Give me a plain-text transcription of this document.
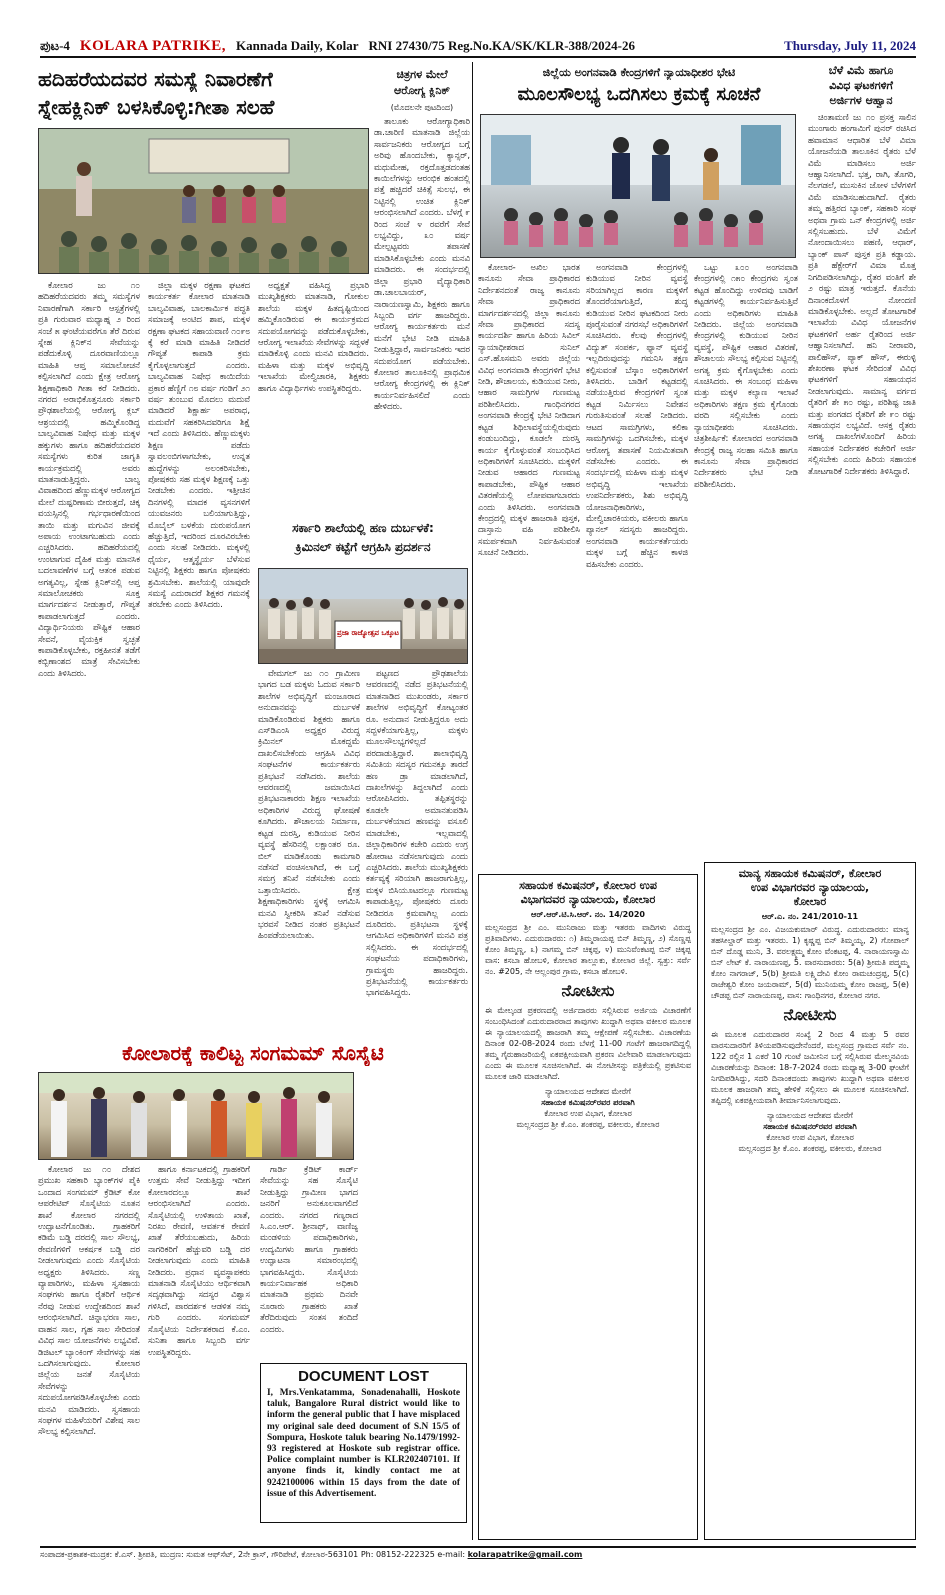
ಪುಟ-4 KOLARA PATRIKE, Kannada Daily, Kolar RNI 27430/75 Reg.No.KA/SK/KLR-388/2024-26	Thursday, July 11, 2024
ಹದಿಹರೆಯದವರ ಸಮಸ್ಯೆ ನಿವಾರಣೆಗೆ
ಸ್ನೇಹಕ್ಲಿನಿಕ್ ಬಳಸಿಕೊಳ್ಳಿ:ಗೀತಾ ಸಲಹೆ

ಕೋಲಾರ ಜು ೧೦ ಹದಿಹರೆಯದವರು ತಮ್ಮ ಸಮಸ್ಯೆಗಳ ನಿವಾರಣೆಗಾಗಿ ಸರ್ಕಾರಿ ಆಸ್ಪತ್ರೆಗಳಲ್ಲಿ ಪ್ರತಿ ಗುರುವಾರ ಮಧ್ಯಾಹ್ನ ೨ ರಿಂದ ಸಂಜೆ ೫ ಘಂಟೆಯವರೆಗೂ ತೆರೆ ದಿರುವ ಸ್ನೇಹ ಕ್ಲಿನಿಕ್‌ನ ಸೇವೆಯನ್ನು ಪಡೆದುಕೊಳ್ಳಿ ದೂರವಾಣಿಯಲ್ಲೂ ಮಾಹಿತಿ ಆಪ್ತ ಸಮಾಲೋಚನೆ ಕಲ್ಪಿಸಲಾಗಿದೆ ಎಂದು ಕ್ಷೇತ್ರ ಆರೋಗ್ಯ ಶಿಕ್ಷಣಾಧಿಕಾರಿ ಗೀತಾ ಕರೆ ನೀಡಿದರು. ನಗರದ ಅರಾಭಿಕೊತ್ತನೂರು ಸರ್ಕಾರಿ ಪ್ರೌಢಶಾಲೆಯಲ್ಲಿ ಆರೋಗ್ಯ ಕ್ಲಬ್ ಆಶ್ರಯದಲ್ಲಿ ಹಮ್ಮಿಕೊಂಡಿದ್ದ ಬಾಲ್ಯವಿವಾಹ ನಿಷೇಧ ಮತ್ತು ಮಕ್ಕಳ ಹಕ್ಕುಗಳು ಹಾಗೂ ಹದಿಹರೆಯದವರ ಸಮಸ್ಯೆಗಳು ಕುರಿತ ಜಾಗೃತಿ ಕಾರ್ಯಕ್ರಮದಲ್ಲಿ ಅವರು ಮಾತನಾಡುತ್ತಿದ್ದರು. ಬಾಲ್ಯ ವಿವಾಹದಿಂದ ಹೆಣ್ಣುಮಕ್ಕಳ ಆರೋಗ್ಯದ ಮೇಲೆ ದುಷ್ಪರಿಣಾಮ ಬೀರುತ್ತದೆ, ಚಿಕ್ಕ ವಯಸ್ಸಿನಲ್ಲಿ ಗರ್ಭಧಾರಣೆಯಿಂದ ತಾಯಿ ಮತ್ತು ಮಗುವಿನ ಜೀವಕ್ಕೆ ಅಪಾಯ ಉಂಟಾಗಬಹುದು ಎಂದು ಎಚ್ಚರಿಸಿದರು. ಹದಿಹರೆಯದಲ್ಲಿ ಉಂಟಾಗುವ ದೈಹಿಕ ಮತ್ತು ಮಾನಸಿಕ ಬದಲಾವಣೆಗಳ ಬಗ್ಗೆ ಆತಂಕ ಪಡುವ ಅಗತ್ಯವಿಲ್ಲ, ಸ್ನೇಹ ಕ್ಲಿನಿಕ್‌ನಲ್ಲಿ ಆಪ್ತ ಸಮಾಲೋಚಕರು ಸೂಕ್ತ ಮಾರ್ಗದರ್ಶನ ನೀಡುತ್ತಾರೆ, ಗೌಪ್ಯತೆ ಕಾಪಾಡಲಾಗುತ್ತದೆ ಎಂದರು. ವಿದ್ಯಾರ್ಥಿನಿಯರು ಪೌಷ್ಟಿಕ ಆಹಾರ ಸೇವನೆ, ವೈಯಕ್ತಿಕ ಸ್ವಚ್ಛತೆ ಕಾಪಾಡಿಕೊಳ್ಳಬೇಕು, ರಕ್ತಹೀನತೆ ತಡೆಗೆ ಕಬ್ಬಿಣಾಂಶದ ಮಾತ್ರೆ ಸೇವಿಸಬೇಕು ಎಂದು ತಿಳಿಸಿದರು.

ಜಿಲ್ಲಾ ಮಕ್ಕಳ ರಕ್ಷಣಾ ಘಟಕದ ಕಾರ್ಯಕರ್ತ ಕೋಲಾರ ಮಾತನಾಡಿ ಬಾಲ್ಯವಿವಾಹ, ಬಾಲಕಾರ್ಮಿಕ ಪದ್ಧತಿ ಸಮಾಜಕ್ಕೆ ಅಂಟಿದ ಶಾಪ, ಮಕ್ಕಳ ರಕ್ಷಣಾ ಘಟಕದ ಸಹಾಯವಾಣಿ ೧೦೯೮ ಕ್ಕೆ ಕರೆ ಮಾಡಿ ಮಾಹಿತಿ ನೀಡಿದರೆ ಗೌಪ್ಯತೆ ಕಾಪಾಡಿ ಕ್ರಮ ಕೈಗೊಳ್ಳಲಾಗುತ್ತದೆ ಎಂದರು. ಬಾಲ್ಯವಿವಾಹ ನಿಷೇಧ ಕಾಯಿದೆಯ ಪ್ರಕಾರ ಹೆಣ್ಣಿಗೆ ೧೮ ವರ್ಷ ಗಂಡಿಗೆ ೨೧ ವರ್ಷ ತುಂಬುವ ಮೊದಲು ಮದುವೆ ಮಾಡಿದರೆ ಶಿಕ್ಷಾರ್ಹ ಅಪರಾಧ, ಮದುವೆಗೆ ಸಹಕರಿಸಿದವರಿಗೂ ಶಿಕ್ಷೆ ಇದೆ ಎಂದು ತಿಳಿಸಿದರು. ಹೆಣ್ಣುಮಕ್ಕಳು ಶಿಕ್ಷಣ ಪಡೆದು ಸ್ವಾವಲಂಬಿಗಳಾಗಬೇಕು, ಉನ್ನತ ಹುದ್ದೆಗಳನ್ನು ಅಲಂಕರಿಸಬೇಕು, ಪೋಷಕರು ಸಹ ಮಕ್ಕಳ ಶಿಕ್ಷಣಕ್ಕೆ ಒತ್ತು ನೀಡಬೇಕು ಎಂದರು. ಇತ್ತೀಚಿನ ದಿನಗಳಲ್ಲಿ ಮಾದಕ ವ್ಯಸನಗಳಿಗೆ ಯುವಜನರು ಬಲಿಯಾಗುತ್ತಿದ್ದು, ಮೊಬೈಲ್ ಬಳಕೆಯ ದುರುಪಯೋಗ ಹೆಚ್ಚುತ್ತಿದೆ, ಇದರಿಂದ ದೂರವಿರಬೇಕು ಎಂದು ಸಲಹೆ ನೀಡಿದರು. ಮಕ್ಕಳಲ್ಲಿ ಧೈರ್ಯ, ಆತ್ಮಸ್ಥೈರ್ಯ ಬೆಳೆಸುವ ನಿಟ್ಟಿನಲ್ಲಿ ಶಿಕ್ಷಕರು ಹಾಗೂ ಪೋಷಕರು ಶ್ರಮಿಸಬೇಕು. ಶಾಲೆಯಲ್ಲಿ ಯಾವುದೇ ಸಮಸ್ಯೆ ಎದುರಾದರೆ ಶಿಕ್ಷಕರ ಗಮನಕ್ಕೆ ತರಬೇಕು ಎಂದು ತಿಳಿಸಿದರು.

ಅಧ್ಯಕ್ಷತೆ ವಹಿಸಿದ್ದ ಪ್ರಭಾರಿ ಮುಖ್ಯಶಿಕ್ಷಕರು ಮಾತನಾಡಿ, ಗೋಕುಲ ಶಾಲೆಯ ಮಕ್ಕಳ ಹಿತದೃಷ್ಟಿಯಿಂದ ಹಮ್ಮಿಕೊಂಡಿರುವ ಈ ಕಾರ್ಯಕ್ರಮದ ಸದುಪಯೋಗವನ್ನು ಪಡೆದುಕೊಳ್ಳಬೇಕು, ಆರೋಗ್ಯ ಇಲಾಖೆಯ ಸೇವೆಗಳನ್ನು ಸದ್ಬಳಕೆ ಮಾಡಿಕೊಳ್ಳಿ ಎಂದು ಮನವಿ ಮಾಡಿದರು. ಮಹಿಳಾ ಮತ್ತು ಮಕ್ಕಳ ಅಭಿವೃದ್ಧಿ ಇಲಾಖೆಯ ಮೇಲ್ವಿಚಾರಕಿ, ಶಿಕ್ಷಕರು ಹಾಗೂ ವಿದ್ಯಾರ್ಥಿಗಳು ಉಪಸ್ಥಿತರಿದ್ದರು.

ಸರ್ಕಾರಿ ಶಾಲೆಯಲ್ಲಿ ಹಣ ದುರ್ಬಳಕೆ:
ಕ್ರಿಮಿನಲ್ ಕಟ್ಟೆಗೆ ಆಗ್ರಹಿಸಿ ಪ್ರದರ್ಶನ
ಪ್ರಜಾ ರಾಜ್ಯೋತ್ಸವ ಒಕ್ಕೂಟ

ವೇಮಗಲ್ ಜು ೧೦ ಗ್ರಾಮೀಣ ಭಾಗದ ಬಡ ಮಕ್ಕಳು ಓದುವ ಸರ್ಕಾರಿ ಶಾಲೆಗಳ ಅಭಿವೃದ್ಧಿಗೆ ಮಂಜೂರಾದ ಅನುದಾನವನ್ನು ದುರ್ಬಳಕೆ ಮಾಡಿಕೊಂಡಿರುವ ಶಿಕ್ಷಕರು ಹಾಗೂ ಎಸ್‌ಡಿಎಂಸಿ ಅಧ್ಯಕ್ಷರ ವಿರುದ್ಧ ಕ್ರಿಮಿನಲ್ ಮೊಕದ್ದಮೆ ದಾಖಲಿಸಬೇಕೆಂದು ಆಗ್ರಹಿಸಿ ವಿವಿಧ ಸಂಘಟನೆಗಳ ಕಾರ್ಯಕರ್ತರು ಪ್ರತಿಭಟನೆ ನಡೆಸಿದರು. ಶಾಲೆಯ ಆವರಣದಲ್ಲಿ ಜಮಾಯಿಸಿದ ಪ್ರತಿಭಟನಾಕಾರರು ಶಿಕ್ಷಣ ಇಲಾಖೆಯ ಅಧಿಕಾರಿಗಳ ವಿರುದ್ಧ ಘೋಷಣೆ ಕೂಗಿದರು. ಶೌಚಾಲಯ ನಿರ್ಮಾಣ, ಕಟ್ಟಡ ದುರಸ್ತಿ, ಕುಡಿಯುವ ನೀರಿನ ವ್ಯವಸ್ಥೆ ಹೆಸರಿನಲ್ಲಿ ಲಕ್ಷಾಂತರ ರೂ. ಬಿಲ್ ಮಾಡಿಕೊಂಡು ಕಾಮಗಾರಿ ನಡೆಸದೆ ವಂಚಿಸಲಾಗಿದೆ, ಈ ಬಗ್ಗೆ ಸಮಗ್ರ ತನಿಖೆ ನಡೆಸಬೇಕು ಎಂದು ಒತ್ತಾಯಿಸಿದರು. ಕ್ಷೇತ್ರ ಶಿಕ್ಷಣಾಧಿಕಾರಿಗಳು ಸ್ಥಳಕ್ಕೆ ಆಗಮಿಸಿ ಮನವಿ ಸ್ವೀಕರಿಸಿ ತನಿಖೆ ನಡೆಸುವ ಭರವಸೆ ನೀಡಿದ ನಂತರ ಪ್ರತಿಭಟನೆ ಹಿಂಪಡೆಯಲಾಯಿತು.

ಪಟ್ಟಣದ ಪ್ರೌಢಶಾಲೆಯ ಆವರಣದಲ್ಲಿ ನಡೆದ ಪ್ರತಿಭಟನೆಯಲ್ಲಿ ಮಾತನಾಡಿದ ಮುಖಂಡರು, ಸರ್ಕಾರ ಶಾಲೆಗಳ ಅಭಿವೃದ್ಧಿಗೆ ಕೋಟ್ಯಂತರ ರೂ. ಅನುದಾನ ನೀಡುತ್ತಿದ್ದರೂ ಅದು ಸದ್ಬಳಕೆಯಾಗುತ್ತಿಲ್ಲ, ಮಕ್ಕಳು ಮೂಲಸೌಲಭ್ಯಗಳಿಲ್ಲದೆ ಪರದಾಡುತ್ತಿದ್ದಾರೆ. ಶಾಲಾಭಿವೃದ್ಧಿ ಸಮಿತಿಯ ಸದಸ್ಯರ ಗಮನಕ್ಕೂ ತಾರದೆ ಹಣ ಡ್ರಾ ಮಾಡಲಾಗಿದೆ, ದಾಖಲೆಗಳನ್ನು ತಿದ್ದಲಾಗಿದೆ ಎಂದು ಆರೋಪಿಸಿದರು. ತಪ್ಪಿತಸ್ಥರನ್ನು ಕೂಡಲೇ ಅಮಾನತುಪಡಿಸಿ ದುರ್ಬಳಕೆಯಾದ ಹಣವನ್ನು ವಸೂಲಿ ಮಾಡಬೇಕು, ಇಲ್ಲವಾದಲ್ಲಿ ಜಿಲ್ಲಾಧಿಕಾರಿಗಳ ಕಚೇರಿ ಎದುರು ಉಗ್ರ ಹೋರಾಟ ನಡೆಸಲಾಗುವುದು ಎಂದು ಎಚ್ಚರಿಸಿದರು. ಶಾಲೆಯ ಮುಖ್ಯಶಿಕ್ಷಕರು ಕರ್ತವ್ಯಕ್ಕೆ ಸರಿಯಾಗಿ ಹಾಜರಾಗುತ್ತಿಲ್ಲ, ಮಕ್ಕಳ ಬಿಸಿಯೂಟದಲ್ಲೂ ಗುಣಮಟ್ಟ ಕಾಪಾಡುತ್ತಿಲ್ಲ, ಪೋಷಕರು ದೂರು ನೀಡಿದರೂ ಕ್ರಮವಾಗಿಲ್ಲ ಎಂದು ದೂರಿದರು. ಪ್ರತಿಭಟನಾ ಸ್ಥಳಕ್ಕೆ ಆಗಮಿಸಿದ ಅಧಿಕಾರಿಗಳಿಗೆ ಮನವಿ ಪತ್ರ ಸಲ್ಲಿಸಿದರು. ಈ ಸಂದರ್ಭದಲ್ಲಿ ಸಂಘಟನೆಯ ಪದಾಧಿಕಾರಿಗಳು, ಗ್ರಾಮಸ್ಥರು ಹಾಜರಿದ್ದರು. ಪ್ರತಿಭಟನೆಯಲ್ಲಿ ಕಾರ್ಯಕರ್ತರು ಭಾಗವಹಿಸಿದ್ದರು.

ಚಿತ್ರಗಳ ಮೇಲೆ
ಆರೋಗ್ಯ ಕ್ಲಿನಿಕ್
(ಮೊದಲನೇ ಪುಟದಿಂದ)

ತಾಲೂಕು ಆರೋಗ್ಯಾಧಿಕಾರಿ ಡಾ.ಚಾರಿಣಿ ಮಾತನಾಡಿ ಜಿಲ್ಲೆಯ ಸಾರ್ವಜನಿಕರು ಆರೋಗ್ಯದ ಬಗ್ಗೆ ಅರಿವು ಹೊಂದಬೇಕು, ಕ್ಯಾನ್ಸರ್, ಮಧುಮೇಹ, ರಕ್ತದೊತ್ತಡದಂತಹ ಕಾಯಿಲೆಗಳನ್ನು ಆರಂಭಿಕ ಹಂತದಲ್ಲಿ ಪತ್ತೆ ಹಚ್ಚಿದರೆ ಚಿಕಿತ್ಸೆ ಸುಲಭ, ಈ ನಿಟ್ಟಿನಲ್ಲಿ ಉಚಿತ ಕ್ಲಿನಿಕ್ ಆರಂಭಿಸಲಾಗಿದೆ ಎಂದರು. ಬೆಳಗ್ಗೆ ೯ ರಿಂದ ಸಂಜೆ ೪ ರವರೆಗೆ ಸೇವೆ ಲಭ್ಯವಿದ್ದು, ೩೦ ವರ್ಷ ಮೇಲ್ಪಟ್ಟವರು ತಪಾಸಣೆ ಮಾಡಿಸಿಕೊಳ್ಳಬೇಕು ಎಂದು ಮನವಿ ಮಾಡಿದರು. ಈ ಸಂದರ್ಭದಲ್ಲಿ ಜಿಲ್ಲಾ ಪ್ರಭಾರಿ ವೈದ್ಯಾಧಿಕಾರಿ ಡಾ.ಚಾಲಬಾಯರ್, ನಾರಾಯಣಸ್ವಾಮಿ, ಶಿಕ್ಷಕರು ಹಾಗೂ ಸಿಬ್ಬಂದಿ ವರ್ಗ ಹಾಜರಿದ್ದರು. ಆರೋಗ್ಯ ಕಾರ್ಯಕರ್ತರು ಮನೆ ಮನೆಗೆ ಭೇಟಿ ನೀಡಿ ಮಾಹಿತಿ ನೀಡುತ್ತಿದ್ದಾರೆ, ಸಾರ್ವಜನಿಕರು ಇದರ ಸದುಪಯೋಗ ಪಡೆಯಬೇಕು. ಕೋಲಾರ ತಾಲೂಕಿನಲ್ಲಿ ಪ್ರಾಥಮಿಕ ಆರೋಗ್ಯ ಕೇಂದ್ರಗಳಲ್ಲಿ ಈ ಕ್ಲಿನಿಕ್ ಕಾರ್ಯನಿರ್ವಹಿಸಲಿದೆ ಎಂದು ಹೇಳಿದರು.

ಜಿಲ್ಲೆಯ ಅಂಗನವಾಡಿ ಕೇಂದ್ರಗಳಿಗೆ ನ್ಯಾಯಾಧೀಶರ ಭೇಟಿ
ಮೂಲಸೌಲಭ್ಯ ಒದಗಿಸಲು ಕ್ರಮಕ್ಕೆ ಸೂಚನೆ

ಕೋಲಾರ- ಅಖಿಲ ಭಾರತ ಕಾನೂನು ಸೇವಾ ಪ್ರಾಧಿಕಾರದ ನಿರ್ದೇಶನದಂತೆ ರಾಜ್ಯ ಕಾನೂನು ಸೇವಾ ಪ್ರಾಧಿಕಾರದ ಮಾರ್ಗದರ್ಶನದಲ್ಲಿ ಜಿಲ್ಲಾ ಕಾನೂನು ಸೇವಾ ಪ್ರಾಧಿಕಾರದ ಸದಸ್ಯ ಕಾರ್ಯದರ್ಶಿ ಹಾಗೂ ಹಿರಿಯ ಸಿವಿಲ್ ನ್ಯಾಯಾಧೀಶರಾದ ಸುನಿಲ್ ಎಸ್.ಹೊಸಮನಿ ಅವರು ಜಿಲ್ಲೆಯ ವಿವಿಧ ಅಂಗನವಾಡಿ ಕೇಂದ್ರಗಳಿಗೆ ಭೇಟಿ ನೀಡಿ, ಶೌಚಾಲಯ, ಕುಡಿಯುವ ನೀರು, ಆಹಾರ ಸಾಮಗ್ರಿಗಳ ಗುಣಮಟ್ಟ ಪರಿಶೀಲಿಸಿದರು. ಗಾಂಧಿನಗರದ ಅಂಗನವಾಡಿ ಕೇಂದ್ರಕ್ಕೆ ಭೇಟಿ ನೀಡಿದಾಗ ಕಟ್ಟಡ ಶಿಥಿಲಾವಸ್ಥೆಯಲ್ಲಿರುವುದು ಕಂಡುಬಂದಿದ್ದು, ಕೂಡಲೇ ದುರಸ್ತಿ ಕಾರ್ಯ ಕೈಗೊಳ್ಳುವಂತೆ ಸಂಬಂಧಿಸಿದ ಅಧಿಕಾರಿಗಳಿಗೆ ಸೂಚಿಸಿದರು. ಮಕ್ಕಳಿಗೆ ನೀಡುವ ಆಹಾರದ ಗುಣಮಟ್ಟ ಕಾಪಾಡಬೇಕು, ಪೌಷ್ಟಿಕ ಆಹಾರ ವಿತರಣೆಯಲ್ಲಿ ಲೋಪವಾಗಬಾರದು ಎಂದು ತಿಳಿಸಿದರು. ಅಂಗನವಾಡಿ ಕೇಂದ್ರದಲ್ಲಿ ಮಕ್ಕಳ ಹಾಜರಾತಿ ಪುಸ್ತಕ, ದಾಸ್ತಾನು ವಹಿ ಪರಿಶೀಲಿಸಿ ಸಮರ್ಪಕವಾಗಿ ನಿರ್ವಹಿಸುವಂತೆ ಸೂಚನೆ ನೀಡಿದರು.

ಅಂಗನವಾಡಿ ಕೇಂದ್ರಗಳಲ್ಲಿ ಕುಡಿಯುವ ನೀರಿನ ವ್ಯವಸ್ಥೆ ಸರಿಯಾಗಿಲ್ಲದ ಕಾರಣ ಮಕ್ಕಳಿಗೆ ತೊಂದರೆಯಾಗುತ್ತಿದೆ, ಶುದ್ಧ ಕುಡಿಯುವ ನೀರಿನ ಘಟಕದಿಂದ ನೀರು ಪೂರೈಸುವಂತೆ ನಗರಸಭೆ ಅಧಿಕಾರಿಗಳಿಗೆ ಸೂಚಿಸಿದರು. ಕೆಲವು ಕೇಂದ್ರಗಳಲ್ಲಿ ವಿದ್ಯುತ್ ಸಂಪರ್ಕ, ಫ್ಯಾನ್ ವ್ಯವಸ್ಥೆ ಇಲ್ಲದಿರುವುದನ್ನು ಗಮನಿಸಿ ತಕ್ಷಣ ಕಲ್ಪಿಸುವಂತೆ ಬೆಸ್ಕಾಂ ಅಧಿಕಾರಿಗಳಿಗೆ ತಿಳಿಸಿದರು. ಬಾಡಿಗೆ ಕಟ್ಟಡದಲ್ಲಿ ನಡೆಯುತ್ತಿರುವ ಕೇಂದ್ರಗಳಿಗೆ ಸ್ವಂತ ಕಟ್ಟಡ ನಿರ್ಮಿಸಲು ನಿವೇಶನ ಗುರುತಿಸುವಂತೆ ಸಲಹೆ ನೀಡಿದರು. ಆಟದ ಸಾಮಗ್ರಿಗಳು, ಕಲಿಕಾ ಸಾಮಗ್ರಿಗಳನ್ನು ಒದಗಿಸಬೇಕು, ಮಕ್ಕಳ ಆರೋಗ್ಯ ತಪಾಸಣೆ ನಿಯಮಿತವಾಗಿ ನಡೆಸಬೇಕು ಎಂದರು. ಈ ಸಂದರ್ಭದಲ್ಲಿ ಮಹಿಳಾ ಮತ್ತು ಮಕ್ಕಳ ಅಭಿವೃದ್ಧಿ ಇಲಾಖೆಯ ಉಪನಿರ್ದೇಶಕರು, ಶಿಶು ಅಭಿವೃದ್ಧಿ ಯೋಜನಾಧಿಕಾರಿಗಳು, ಮೇಲ್ವಿಚಾರಕಿಯರು, ವಕೀಲರು ಹಾಗೂ ಪ್ಯಾನಲ್ ಸದಸ್ಯರು ಹಾಜರಿದ್ದರು. ಅಂಗನವಾಡಿ ಕಾರ್ಯಕರ್ತೆಯರು ಮಕ್ಕಳ ಬಗ್ಗೆ ಹೆಚ್ಚಿನ ಕಾಳಜಿ ವಹಿಸಬೇಕು ಎಂದರು.

ಒಟ್ಟು ೩೦೦ ಅಂಗನವಾಡಿ ಕೇಂದ್ರಗಳಲ್ಲಿ ೧೫೦ ಕೇಂದ್ರಗಳು ಸ್ವಂತ ಕಟ್ಟಡ ಹೊಂದಿದ್ದು ಉಳಿದವು ಬಾಡಿಗೆ ಕಟ್ಟಡಗಳಲ್ಲಿ ಕಾರ್ಯನಿರ್ವಹಿಸುತ್ತಿವೆ ಎಂದು ಅಧಿಕಾರಿಗಳು ಮಾಹಿತಿ ನೀಡಿದರು. ಜಿಲ್ಲೆಯ ಅಂಗನವಾಡಿ ಕೇಂದ್ರಗಳಲ್ಲಿ ಕುಡಿಯುವ ನೀರಿನ ವ್ಯವಸ್ಥೆ, ಪೌಷ್ಟಿಕ ಆಹಾರ ವಿತರಣೆ, ಶೌಚಾಲಯ ಸೌಲಭ್ಯ ಕಲ್ಪಿಸುವ ನಿಟ್ಟಿನಲ್ಲಿ ಅಗತ್ಯ ಕ್ರಮ ಕೈಗೊಳ್ಳಬೇಕು ಎಂದು ಸೂಚಿಸಿದರು. ಈ ಸಂಬಂಧ ಮಹಿಳಾ ಮತ್ತು ಮಕ್ಕಳ ಕಲ್ಯಾಣ ಇಲಾಖೆ ಅಧಿಕಾರಿಗಳು ತಕ್ಷಣ ಕ್ರಮ ಕೈಗೊಂಡು ವರದಿ ಸಲ್ಲಿಸಬೇಕು ಎಂದು ನ್ಯಾಯಾಧೀಶರು ಸೂಚಿಸಿದರು. ಚಿತ್ರಶೀರ್ಷಿಕೆ: ಕೋಲಾರದ ಅಂಗನವಾಡಿ ಕೇಂದ್ರಕ್ಕೆ ರಾಜ್ಯ ಸಲಹಾ ಸಮಿತಿ ಹಾಗೂ ಕಾನೂನು ಸೇವಾ ಪ್ರಾಧಿಕಾರದ ನಿರ್ದೇಶಕರು ಭೇಟಿ ನೀಡಿ ಪರಿಶೀಲಿಸಿದರು.

ಬೆಳೆ ವಿಮೆ ಹಾಗೂ
ವಿವಿಧ ಘಟಕಗಳಿಗೆ
ಅರ್ಜಿಗಳ ಆಹ್ವಾನ

ಚಿಂತಾಮಣಿ ಜು ೧೦ ಪ್ರಸಕ್ತ ಸಾಲಿನ ಮುಂಗಾರು ಹಂಗಾಮಿಗೆ ಪುನರ್ ರಚಿಸಿದ ಹವಾಮಾನ ಆಧಾರಿತ ಬೆಳೆ ವಿಮಾ ಯೋಜನೆಯಡಿ ತಾಲೂಕಿನ ರೈತರು ಬೆಳೆ ವಿಮೆ ಮಾಡಿಸಲು ಅರ್ಜಿ ಆಹ್ವಾನಿಸಲಾಗಿದೆ. ಭತ್ತ, ರಾಗಿ, ತೊಗರಿ, ನೆಲಗಡಲೆ, ಮುಸುಕಿನ ಜೋಳ ಬೆಳೆಗಳಿಗೆ ವಿಮೆ ಮಾಡಿಸಬಹುದಾಗಿದೆ. ರೈತರು ತಮ್ಮ ಹತ್ತಿರದ ಬ್ಯಾಂಕ್, ಸಹಕಾರಿ ಸಂಘ ಅಥವಾ ಗ್ರಾಮ ಒನ್ ಕೇಂದ್ರಗಳಲ್ಲಿ ಅರ್ಜಿ ಸಲ್ಲಿಸಬಹುದು. ಬೆಳೆ ವಿಮೆಗೆ ನೋಂದಾಯಿಸಲು ಪಹಣಿ, ಆಧಾರ್, ಬ್ಯಾಂಕ್ ಪಾಸ್ ಪುಸ್ತಕ ಪ್ರತಿ ಕಡ್ಡಾಯ. ಪ್ರತಿ ಹೆಕ್ಟೇರ್‌ಗೆ ವಿಮಾ ಮೊತ್ತ ನಿಗದಿಪಡಿಸಲಾಗಿದ್ದು, ರೈತರ ವಂತಿಗೆ ಶೇ ೨ ರಷ್ಟು ಮಾತ್ರ ಇರುತ್ತದೆ. ಕೊನೆಯ ದಿನಾಂಕದೊಳಗೆ ನೋಂದಣಿ ಮಾಡಿಕೊಳ್ಳಬೇಕು. ಅಲ್ಲದೆ ತೋಟಗಾರಿಕೆ ಇಲಾಖೆಯ ವಿವಿಧ ಯೋಜನೆಗಳ ಘಟಕಗಳಿಗೆ ಅರ್ಹ ರೈತರಿಂದ ಅರ್ಜಿ ಆಹ್ವಾನಿಸಲಾಗಿದೆ. ಹನಿ ನೀರಾವರಿ, ಪಾಲಿಹೌಸ್, ಪ್ಯಾಕ್ ಹೌಸ್, ಈರುಳ್ಳಿ ಶೇಖರಣಾ ಘಟಕ ಸೇರಿದಂತೆ ವಿವಿಧ ಘಟಕಗಳಿಗೆ ಸಹಾಯಧನ ನೀಡಲಾಗುವುದು. ಸಾಮಾನ್ಯ ವರ್ಗದ ರೈತರಿಗೆ ಶೇ ೫೦ ರಷ್ಟು, ಪರಿಶಿಷ್ಟ ಜಾತಿ ಮತ್ತು ಪಂಗಡದ ರೈತರಿಗೆ ಶೇ ೯೦ ರಷ್ಟು ಸಹಾಯಧನ ಲಭ್ಯವಿದೆ. ಆಸಕ್ತ ರೈತರು ಅಗತ್ಯ ದಾಖಲೆಗಳೊಂದಿಗೆ ಹಿರಿಯ ಸಹಾಯಕ ನಿರ್ದೇಶಕರ ಕಚೇರಿಗೆ ಅರ್ಜಿ ಸಲ್ಲಿಸಬೇಕು ಎಂದು ಹಿರಿಯ ಸಹಾಯಕ ತೋಟಗಾರಿಕೆ ನಿರ್ದೇಶಕರು ತಿಳಿಸಿದ್ದಾರೆ.

ಕೋಲಾರಕ್ಕೆ ಕಾಲಿಟ್ಟ ಸಂಗಮಮ್ ಸೊಸೈಟಿ

ಕೋಲಾರ ಜು ೧೦ ದೇಶದ ಪ್ರಮುಖ ಸಹಕಾರಿ ಬ್ಯಾಂಕ್‌ಗಳ ಪೈಕಿ ಒಂದಾದ ಸಂಗಮಮ್ ಕ್ರೆಡಿಟ್ ಕೋ ಆಪರೇಟಿವ್ ಸೊಸೈಟಿಯ ನೂತನ ಶಾಖೆ ಕೋಲಾರ ನಗರದಲ್ಲಿ ಉದ್ಘಾಟನೆಗೊಂಡಿತು. ಗ್ರಾಹಕರಿಗೆ ಕಡಿಮೆ ಬಡ್ಡಿ ದರದಲ್ಲಿ ಸಾಲ ಸೌಲಭ್ಯ, ಠೇವಣಿಗಳಿಗೆ ಆಕರ್ಷಕ ಬಡ್ಡಿ ದರ ನೀಡಲಾಗುವುದು ಎಂದು ಸೊಸೈಟಿಯ ಅಧ್ಯಕ್ಷರು ತಿಳಿಸಿದರು. ಸಣ್ಣ ವ್ಯಾಪಾರಿಗಳು, ಮಹಿಳಾ ಸ್ವಸಹಾಯ ಸಂಘಗಳು ಹಾಗೂ ರೈತರಿಗೆ ಆರ್ಥಿಕ ನೆರವು ನೀಡುವ ಉದ್ದೇಶದಿಂದ ಶಾಖೆ ಆರಂಭಿಸಲಾಗಿದೆ. ಚಿನ್ನಾಭರಣ ಸಾಲ, ವಾಹನ ಸಾಲ, ಗೃಹ ಸಾಲ ಸೇರಿದಂತೆ ವಿವಿಧ ಸಾಲ ಯೋಜನೆಗಳು ಲಭ್ಯವಿವೆ. ಡಿಜಿಟಲ್ ಬ್ಯಾಂಕಿಂಗ್ ಸೇವೆಗಳನ್ನು ಸಹ ಒದಗಿಸಲಾಗುವುದು. ಕೋಲಾರ ಜಿಲ್ಲೆಯ ಜನತೆ ಸೊಸೈಟಿಯ ಸೇವೆಗಳನ್ನು ಸದುಪಯೋಗಪಡಿಸಿಕೊಳ್ಳಬೇಕು ಎಂದು ಮನವಿ ಮಾಡಿದರು. ಸ್ವಸಹಾಯ ಸಂಘಗಳ ಮಹಿಳೆಯರಿಗೆ ವಿಶೇಷ ಸಾಲ ಸೌಲಭ್ಯ ಕಲ್ಪಿಸಲಾಗಿದೆ.

ಹಾಗೂ ಕರ್ನಾಟಕದಲ್ಲಿ ಗ್ರಾಹಕರಿಗೆ ಉತ್ತಮ ಸೇವೆ ನೀಡುತ್ತಿದ್ದು ಇದೀಗ ಕೋಲಾರದಲ್ಲೂ ಶಾಖೆ ಆರಂಭಿಸಲಾಗಿದೆ ಎಂದರು. ಸೊಸೈಟಿಯಲ್ಲಿ ಉಳಿತಾಯ ಖಾತೆ, ನಿರಖು ಠೇವಣಿ, ಆವರ್ತಕ ಠೇವಣಿ ಖಾತೆ ತೆರೆಯಬಹುದು, ಹಿರಿಯ ನಾಗರಿಕರಿಗೆ ಹೆಚ್ಚುವರಿ ಬಡ್ಡಿ ದರ ನೀಡಲಾಗುವುದು ಎಂದು ಮಾಹಿತಿ ನೀಡಿದರು. ಪ್ರಧಾನ ವ್ಯವಸ್ಥಾಪಕರು ಮಾತನಾಡಿ ಸೊಸೈಟಿಯು ಆರ್ಥಿಕವಾಗಿ ಸದೃಢವಾಗಿದ್ದು ಸದಸ್ಯರ ವಿಶ್ವಾಸ ಗಳಿಸಿದೆ, ಪಾರದರ್ಶಕ ಆಡಳಿತ ನಮ್ಮ ಗುರಿ ಎಂದರು. ಸಂಗಮಮ್ ಸೊಸೈಟಿಯ ನಿರ್ದೇಶಕರಾದ ಕೆ.ಎಂ. ಸುನಿತಾ ಹಾಗೂ ಸಿಬ್ಬಂದಿ ವರ್ಗ ಉಪಸ್ಥಿತರಿದ್ದರು.

ಗಾರ್ಡಿ ಕ್ರೆಡಿಟ್ ಕಾರ್ಡ್ ಸೇವೆಯನ್ನು ಸಹ ಸೊಸೈಟಿ ನೀಡುತ್ತಿದ್ದು ಗ್ರಾಮೀಣ ಭಾಗದ ಜನರಿಗೆ ಅನುಕೂಲವಾಗಲಿದೆ ಎಂದರು. ನಗರದ ಗಣ್ಯರಾದ ಸಿ.ಎಂ.ಆರ್. ಶ್ರೀನಾಥ್, ವಾಣಿಜ್ಯ ಮಂಡಳಿಯ ಪದಾಧಿಕಾರಿಗಳು, ಉದ್ಯಮಿಗಳು ಹಾಗೂ ಗ್ರಾಹಕರು ಉದ್ಘಾಟನಾ ಸಮಾರಂಭದಲ್ಲಿ ಭಾಗವಹಿಸಿದ್ದರು. ಸೊಸೈಟಿಯ ಕಾರ್ಯನಿರ್ವಾಹಕ ಅಧಿಕಾರಿ ಮಾತನಾಡಿ ಪ್ರಥಮ ದಿನವೇ ನೂರಾರು ಗ್ರಾಹಕರು ಖಾತೆ ತೆರೆದಿರುವುದು ಸಂತಸ ತಂದಿದೆ ಎಂದರು.

DOCUMENT LOST
I, Mrs.Venkatamma, Sonadenahalli, Hoskote taluk, Bangalore Rural district would like to inform the general public that I have misplaced my original sale deed document of S.N 15/5 of Sompura, Hoskote taluk bearing No.1479/1992-93 registered at Hoskote sub registrar office. Police complaint number is KLR202407101. If anyone finds it, kindly contact me at 9242100006 within 15 days from the date of issue of this Advertisement.
ಸಹಾಯಕ ಕಮಿಷನರ್, ಕೋಲಾರ ಉಪ
ವಿಭಾಗದವರ ನ್ಯಾಯಾಲಯ, ಕೋಲಾರ
ಆರ್.ಆರ್.ಟಿ.ಸಿ.ಆರ್. ನಂ. 14/2020

ಮಲ್ಲಸಂದ್ರದ ಶ್ರೀ ಎಂ. ಮುನಿರಾಜು ಮತ್ತು ಇತರರು ವಾದಿಗಳು ವಿರುದ್ಧ ಪ್ರತಿವಾದಿಗಳು. ಎದುರುದಾರರು: ೧) ತಿಮ್ಮರಾಯಪ್ಪ ಬಿನ್ ತಿಮ್ಮಣ್ಣ, ೨) ಸೊಣ್ಣಪ್ಪ ಕೋಂ ತಿಮ್ಮಣ್ಣ, ೩) ನಾಗಮ್ಮ ಬಿನ್ ಚಿಕ್ಕಪ್ಪ, ೪) ಮುನಿವೆಂಕಟಪ್ಪ ಬಿನ್ ಚಿಕ್ಕಪ್ಪ ವಾಸ: ಕಸಬಾ ಹೋಬಳಿ, ಕೋಲಾರ ತಾಲ್ಲೂಕು, ಕೋಲಾರ ಜಿಲ್ಲೆ. ಸ್ವತ್ತು: ಸರ್ವೆ ನಂ. #205, ನೇ ಆಲ್ಲಂಪುರ ಗ್ರಾಮ, ಕಸಬಾ ಹೋಬಳಿ.

ನೋಟೀಸು

ಈ ಮೇಲ್ಕಂಡ ಪ್ರಕರಣದಲ್ಲಿ ಅರ್ಜಿದಾರರು ಸಲ್ಲಿಸಿರುವ ಅರ್ಜಿಯ ವಿಚಾರಣೆಗೆ ಸಂಬಂಧಿಸಿದಂತೆ ಎದುರುದಾರರಾದ ತಾವುಗಳು ಖುದ್ದಾಗಿ ಅಥವಾ ವಕೀಲರ ಮೂಲಕ ಈ ನ್ಯಾಯಾಲಯದಲ್ಲಿ ಹಾಜರಾಗಿ ತಮ್ಮ ಆಕ್ಷೇಪಣೆ ಸಲ್ಲಿಸಬೇಕು. ವಿಚಾರಣೆಯ ದಿನಾಂಕ 02-08-2024 ರಂದು ಬೆಳಗ್ಗೆ 11-00 ಗಂಟೆಗೆ ಹಾಜರಾಗದಿದ್ದಲ್ಲಿ ತಮ್ಮ ಗೈರುಹಾಜರಿಯಲ್ಲಿ ಏಕಪಕ್ಷೀಯವಾಗಿ ಪ್ರಕರಣ ವಿಲೇವಾರಿ ಮಾಡಲಾಗುವುದು ಎಂದು ಈ ಮೂಲಕ ಸೂಚಿಸಲಾಗಿದೆ. ಈ ನೋಟೀಸನ್ನು ಪತ್ರಿಕೆಯಲ್ಲಿ ಪ್ರಕಟಿಸುವ ಮೂಲಕ ಜಾರಿ ಮಾಡಲಾಗಿದೆ.

ನ್ಯಾಯಾಲಯದ ಆದೇಶದ ಮೇರೆಗೆ
ಸಹಾಯಕ ಕಮಿಷನರ್‌ರವರ ಪರವಾಗಿ
ಕೋಲಾರ ಉಪ ವಿಭಾಗ, ಕೋಲಾರ
ಮಲ್ಲಸಂದ್ರದ ಶ್ರೀ ಕೆ.ಎಂ. ಶಂಕರಪ್ಪ, ವಕೀಲರು, ಕೋಲಾರ
ಮಾನ್ಯ ಸಹಾಯಕ ಕಮಿಷನರ್, ಕೋಲಾರ
ಉಪ ವಿಭಾಗರವರ ನ್ಯಾಯಾಲಯ,
ಕೋಲಾರ
ಆರ್.ಎ. ನಂ. 241/2010-11

ಮಲ್ಲಸಂದ್ರದ ಶ್ರೀ ಎಂ. ವಿಜಯಕುಮಾರ್ ವಿರುದ್ಧ. ಎದುರುದಾರರು: ಮಾನ್ಯ ತಹಸೀಲ್ದಾರ್ ಮತ್ತು ಇತರರು. 1) ಕೃಷ್ಣಪ್ಪ ಬಿನ್ ತಿಮ್ಮಯ್ಯ, 2) ಗೋಪಾಲ್ ಬಿನ್ ದೊಡ್ಡ ಮುನಿ, 3. ವರಲಕ್ಷ್ಮಮ್ಮ ಕೋಂ ವೆಂಕಟಪ್ಪ, 4. ನಾರಾಯಣಸ್ವಾಮಿ ಬಿನ್ ಲೇಟ್ ಕೆ. ನಾರಾಯಣಪ್ಪ, 5. ವಾರಸುದಾರರು: 5(a) ಶ್ರೀಮತಿ ಪದ್ಮಮ್ಮ ಕೋಂ ನಾಗರಾಜ್, 5(b) ಶ್ರೀಮತಿ ಲಕ್ಷ್ಮಿದೇವಿ ಕೋಂ ರಾಮಚಂದ್ರಪ್ಪ, 5(c) ರಾಜೇಶ್ವರಿ ಕೋಂ ಜಯರಾಮ್, 5(d) ಮುನಿಯಮ್ಮ ಕೋಂ ರಾಜಪ್ಪ, 5(e) ಚೌಡಪ್ಪ ಬಿನ್ ನಾರಾಯಣಪ್ಪ, ವಾಸ: ಗಾಂಧಿನಗರ, ಕೋಲಾರ ನಗರ.

ನೋಟೀಸು

ಈ ಮೂಲಕ ಎದುರುದಾರರ ಸಂಖ್ಯೆ 2 ರಿಂದ 4 ಮತ್ತು 5 ರವರ ವಾರಸುದಾರರಿಗೆ ತಿಳಿಯಪಡಿಸುವುದೇನೆಂದರೆ, ಮಲ್ಲಸಂದ್ರ ಗ್ರಾಮದ ಸರ್ವೆ ನಂ. 122 ರಲ್ಲಿನ 1 ಎಕರೆ 10 ಗುಂಟೆ ಜಮೀನಿನ ಬಗ್ಗೆ ಸಲ್ಲಿಸಿರುವ ಮೇಲ್ಮನವಿಯ ವಿಚಾರಣೆಯನ್ನು ದಿನಾಂಕ: 18-7-2024 ರಂದು ಮಧ್ಯಾಹ್ನ 3-00 ಘಂಟೆಗೆ ನಿಗದಿಪಡಿಸಿದ್ದು, ಸದರಿ ದಿನಾಂಕದಂದು ತಾವುಗಳು ಖುದ್ದಾಗಿ ಅಥವಾ ವಕೀಲರ ಮೂಲಕ ಹಾಜರಾಗಿ ತಮ್ಮ ಹೇಳಿಕೆ ಸಲ್ಲಿಸಲು ಈ ಮೂಲಕ ಸೂಚಿಸಲಾಗಿದೆ. ತಪ್ಪಿದಲ್ಲಿ ಏಕಪಕ್ಷೀಯವಾಗಿ ತೀರ್ಮಾನಿಸಲಾಗುವುದು.

ನ್ಯಾಯಾಲಯದ ಆದೇಶದ ಮೇರೆಗೆ
ಸಹಾಯಕ ಕಮಿಷನರ್‌ರವರ ಪರವಾಗಿ
ಕೋಲಾರ ಉಪ ವಿಭಾಗ, ಕೋಲಾರ
ಮಲ್ಲಸಂದ್ರದ ಶ್ರೀ ಕೆ.ಎಂ. ಶಂಕರಪ್ಪ, ವಕೀಲರು, ಕೋಲಾರ
ಸಂಪಾದಕ-ಪ್ರಕಾಶಕ-ಮುದ್ರಕ: ಕೆ.ಎಸ್. ಶ್ರೀಪತಿ, ಮುದ್ರಣ: ಸುಮತ ಆಫ್‌ಸೆಟ್, 2ನೇ ಕ್ರಾಸ್, ಗೌರಿಪೇಟೆ, ಕೋಲಾರ-563101 Ph: 08152-222325 e-mail: kolarapatrike@gmail.com
